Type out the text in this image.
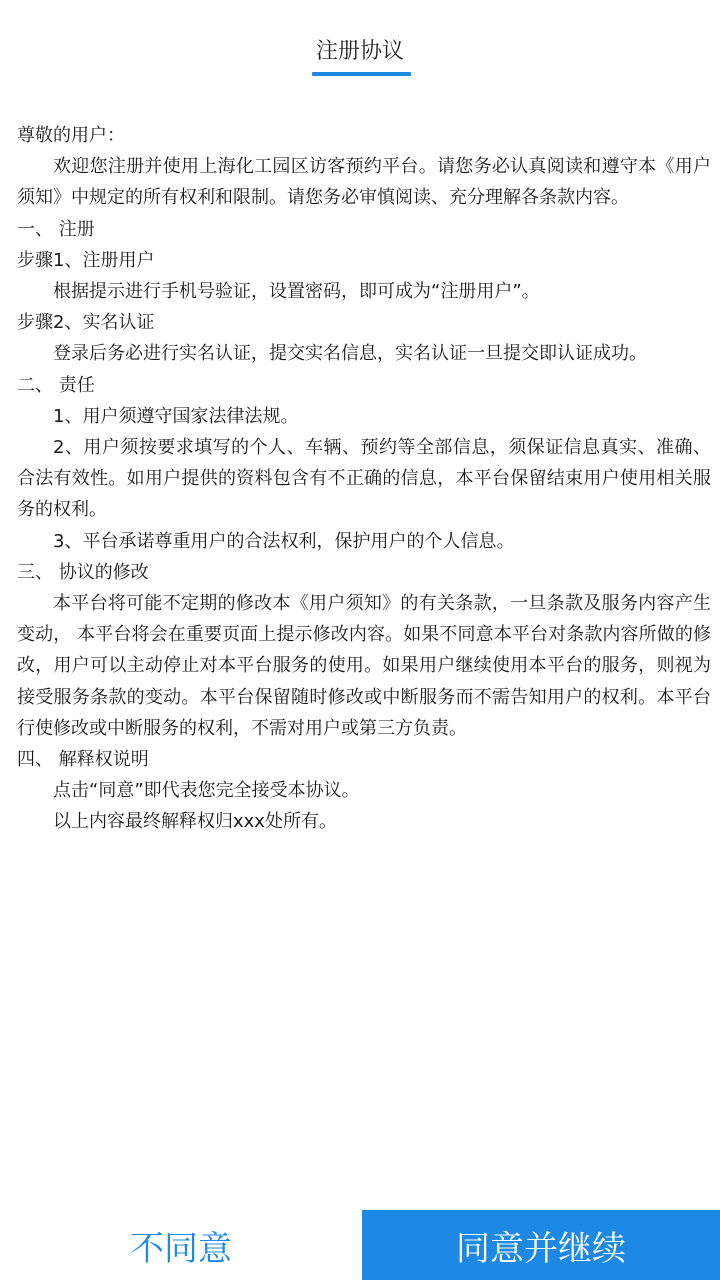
注册协议

尊敬的用户：

欢迎您注册并使用上海化工园区访客预约平台。请您务必认真阅读和遵守本《用户须知》中规定的所有权利和限制。请您务必审慎阅读、充分理解各条款内容。

一、 注册

步骤1、注册用户

根据提示进行手机号验证，设置密码，即可成为“注册用户”。

步骤2、实名认证

登录后务必进行实名认证，提交实名信息，实名认证一旦提交即认证成功。

二、 责任

1、用户须遵守国家法律法规。

2、用户须按要求填写的个人、车辆、预约等全部信息，须保证信息真实、准确、合法有效性。如用户提供的资料包含有不正确的信息，本平台保留结束用户使用相关服务的权利。

3、平台承诺尊重用户的合法权利，保护用户的个人信息。

三、 协议的修改

本平台将可能不定期的修改本《用户须知》的有关条款，一旦条款及服务内容产生变动， 本平台将会在重要页面上提示修改内容。如果不同意本平台对条款内容所做的修改，用户可以主动停止对本平台服务的使用。如果用户继续使用本平台的服务，则视为接受服务条款的变动。本平台保留随时修改或中断服务而不需告知用户的权利。本平台行使修改或中断服务的权利，不需对用户或第三方负责。

四、 解释权说明

点击“同意”即代表您完全接受本协议。

以上内容最终解释权归xxx处所有。

不同意	同意并继续
